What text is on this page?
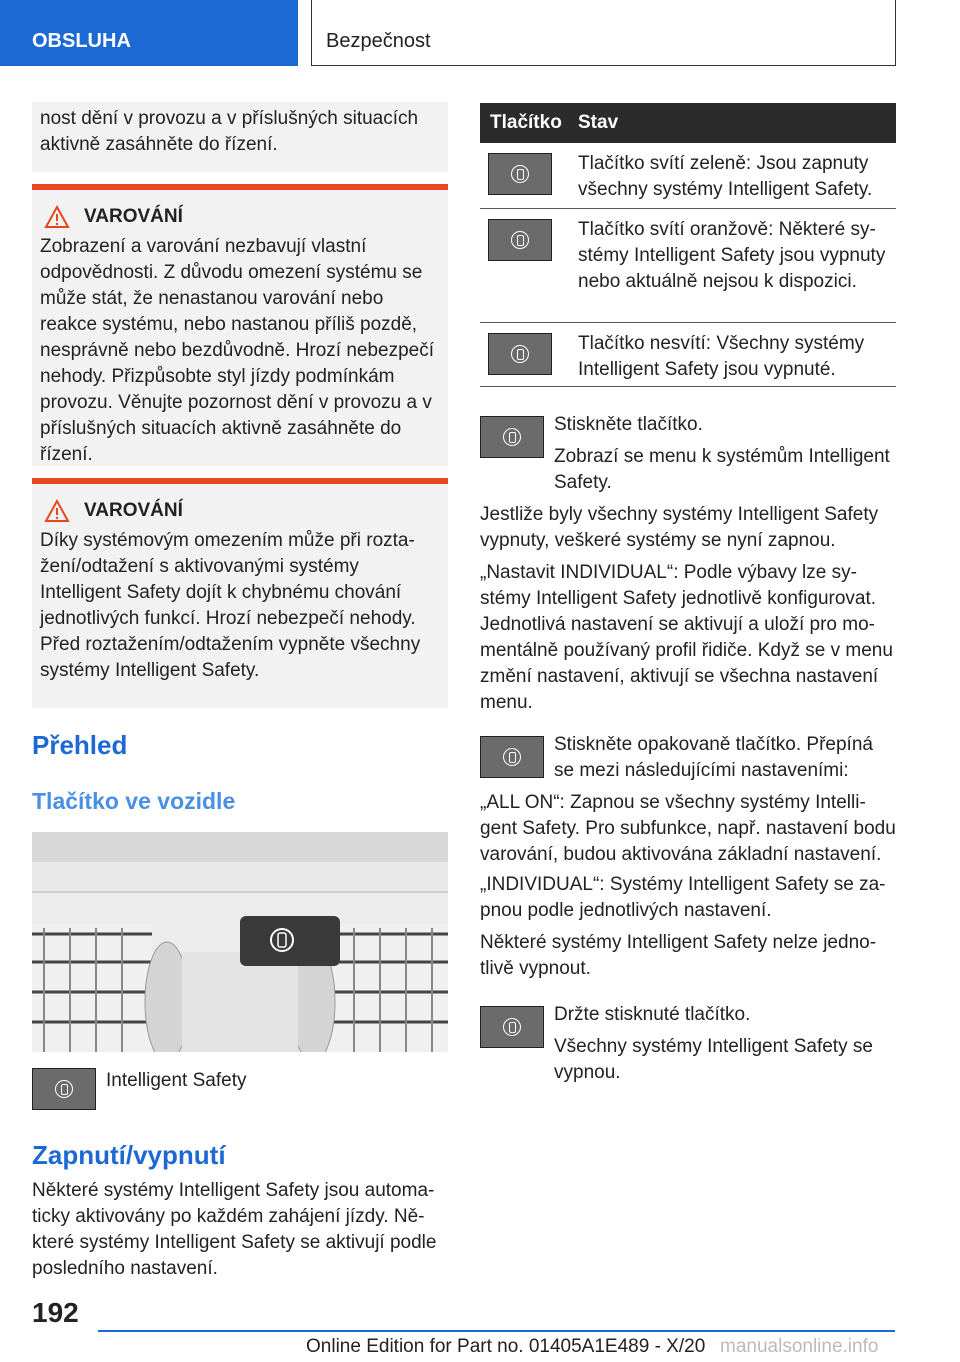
OBSLUHA	Bezpečnost
nost dění v provozu a v příslušných situacích aktivně zasáhněte do řízení.
VAROVÁNÍ
Zobrazení a varování nezbavují vlastní odpovědnosti. Z důvodu omezení systému se může stát, že nenastanou varování nebo reakce systému, nebo nastanou příliš pozdě, nesprávně nebo bezdůvodně. Hrozí nebezpečí nehody. Přizpůsobte styl jízdy podmínkám provozu. Věnujte pozornost dění v provozu a v příslušných situacích aktivně zasáhněte do řízení.
VAROVÁNÍ
Díky systémovým omezením může při roztažení/odtažení s aktivovanými systémy Intelligent Safety dojít k chybnému chování jednotlivých funkcí. Hrozí nebezpečí nehody. Před roztažením/odtažením vypněte všechny systémy Intelligent Safety.
Přehled
Tlačítko ve vozidle
Intelligent Safety
Zapnutí/vypnutí
Některé systémy Intelligent Safety jsou automaticky aktivovány po každém zahájení jízdy. Některé systémy Intelligent Safety se aktivují podle posledního nastavení.
Tlačítko Stav
Tlačítko svítí zeleně: Jsou zapnuty všechny systémy Intelligent Safety.
Tlačítko svítí oranžově: Některé systémy Intelligent Safety jsou vypnuty nebo aktuálně nejsou k dispozici.
Tlačítko nesvítí: Všechny systémy Intelligent Safety jsou vypnuté.
Stiskněte tlačítko.
Zobrazí se menu k systémům Intelligent Safety.
Jestliže byly všechny systémy Intelligent Safety vypnuty, veškeré systémy se nyní zapnou.
„Nastavit INDIVIDUAL“: Podle výbavy lze systémy Intelligent Safety jednotlivě konfigurovat. Jednotlivá nastavení se aktivují a uloží pro momentálně používaný profil řidiče. Když se v menu změní nastavení, aktivují se všechna nastavení menu.
Stiskněte opakovaně tlačítko. Přepíná se mezi následujícími nastaveními:
„ALL ON“: Zapnou se všechny systémy Intelligent Safety. Pro subfunkce, např. nastavení bodu varování, budou aktivována základní nastavení.
„INDIVIDUAL“: Systémy Intelligent Safety se zapnou podle jednotlivých nastavení.
Některé systémy Intelligent Safety nelze jednotlivě vypnout.
Držte stisknuté tlačítko.
Všechny systémy Intelligent Safety se vypnou.
192
Online Edition for Part no. 01405A1E489 - X/20 manualsonline.info
